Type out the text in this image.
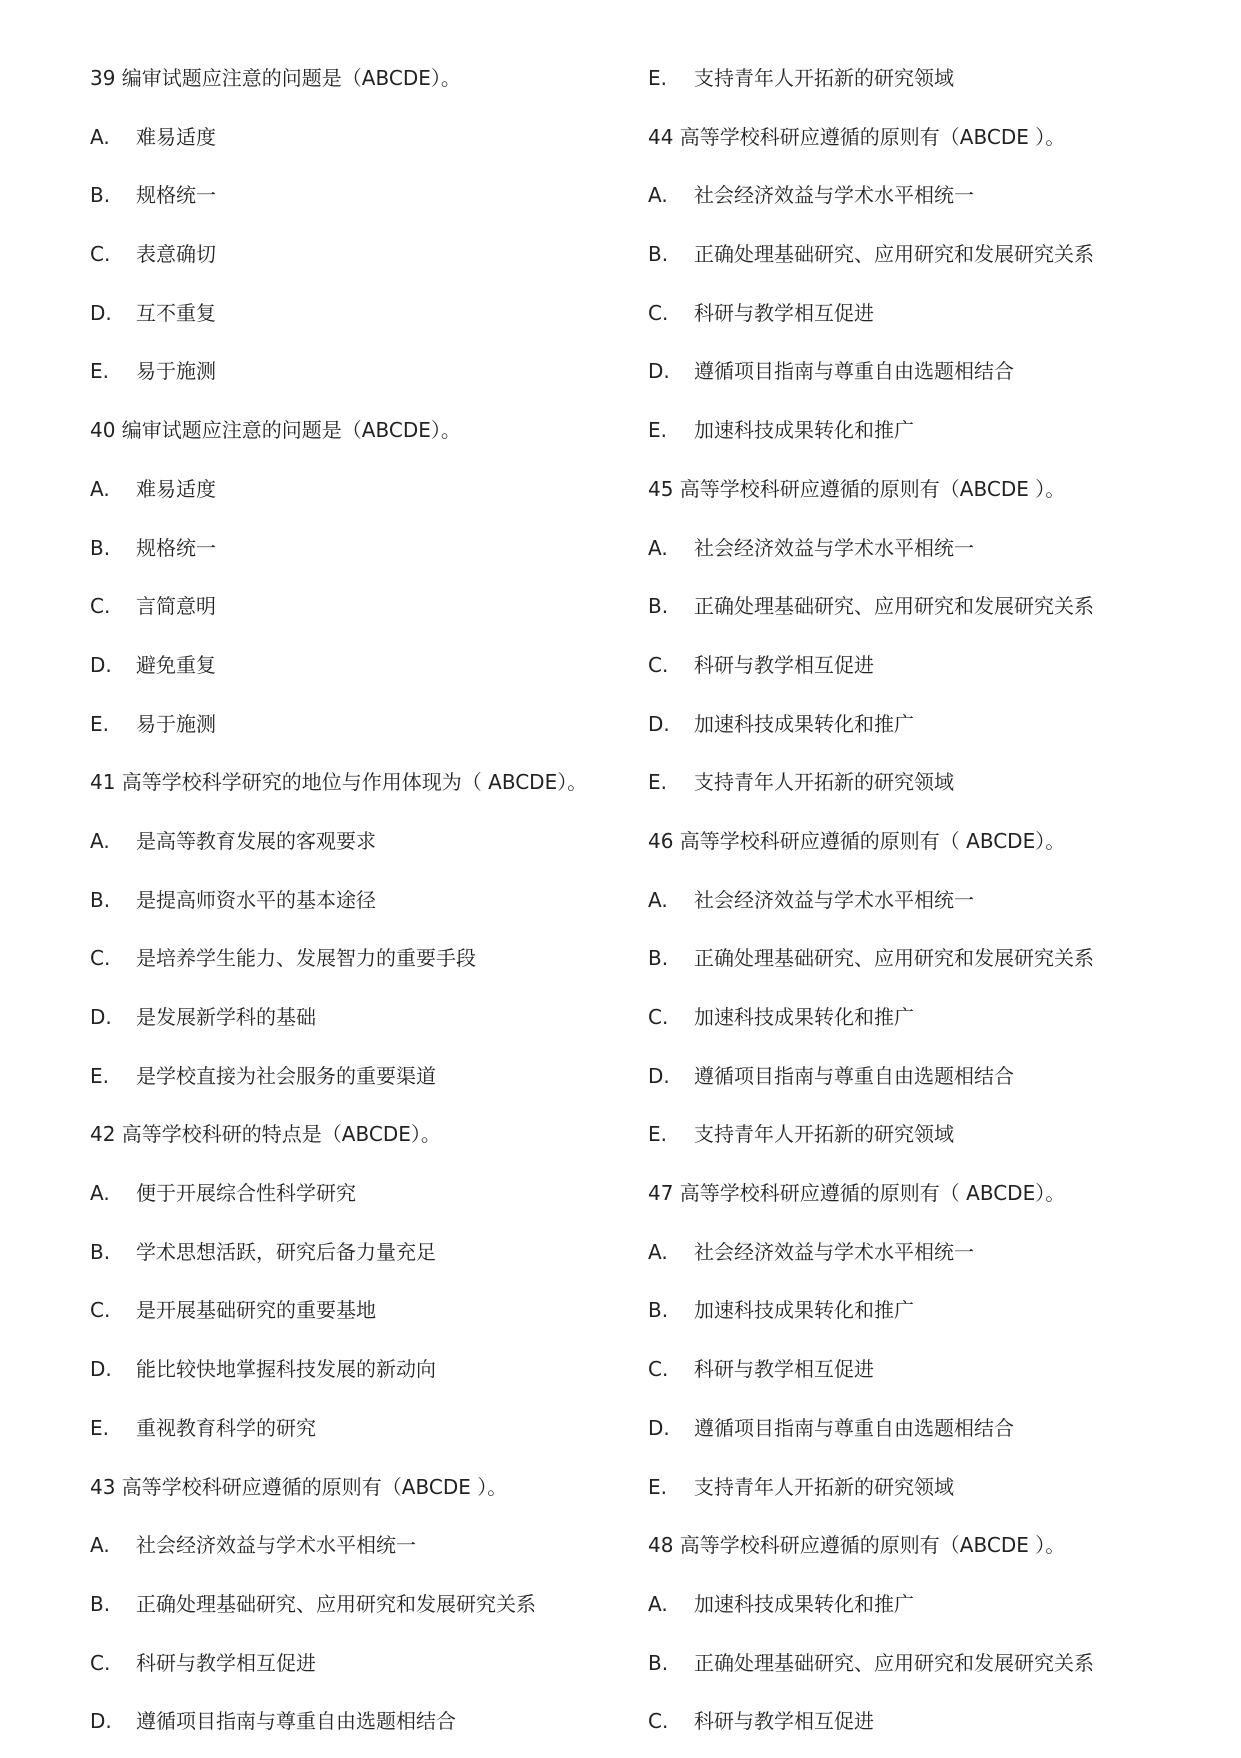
39 编审试题应注意的问题是（ABCDE）。
A. 难易适度
B. 规格统一
C. 表意确切
D. 互不重复
E. 易于施测
40 编审试题应注意的问题是（ABCDE）。
A. 难易适度
B. 规格统一
C. 言简意明
D. 避免重复
E. 易于施测
41 高等学校科学研究的地位与作用体现为（ ABCDE）。
A. 是高等教育发展的客观要求
B. 是提高师资水平的基本途径
C. 是培养学生能力、发展智力的重要手段
D. 是发展新学科的基础
E. 是学校直接为社会服务的重要渠道
42 高等学校科研的特点是（ABCDE）。
A. 便于开展综合性科学研究
B. 学术思想活跃，研究后备力量充足
C. 是开展基础研究的重要基地
D. 能比较快地掌握科技发展的新动向
E. 重视教育科学的研究
43 高等学校科研应遵循的原则有（ABCDE ）。
A. 社会经济效益与学术水平相统一
B. 正确处理基础研究、应用研究和发展研究关系
C. 科研与教学相互促进
D. 遵循项目指南与尊重自由选题相结合
E. 支持青年人开拓新的研究领域
44 高等学校科研应遵循的原则有（ABCDE ）。
A. 社会经济效益与学术水平相统一
B. 正确处理基础研究、应用研究和发展研究关系
C. 科研与教学相互促进
D. 遵循项目指南与尊重自由选题相结合
E. 加速科技成果转化和推广
45 高等学校科研应遵循的原则有（ABCDE ）。
A. 社会经济效益与学术水平相统一
B. 正确处理基础研究、应用研究和发展研究关系
C. 科研与教学相互促进
D. 加速科技成果转化和推广
E. 支持青年人开拓新的研究领域
46 高等学校科研应遵循的原则有（ ABCDE）。
A. 社会经济效益与学术水平相统一
B. 正确处理基础研究、应用研究和发展研究关系
C. 加速科技成果转化和推广
D. 遵循项目指南与尊重自由选题相结合
E. 支持青年人开拓新的研究领域
47 高等学校科研应遵循的原则有（ ABCDE）。
A. 社会经济效益与学术水平相统一
B. 加速科技成果转化和推广
C. 科研与教学相互促进
D. 遵循项目指南与尊重自由选题相结合
E. 支持青年人开拓新的研究领域
48 高等学校科研应遵循的原则有（ABCDE ）。
A. 加速科技成果转化和推广
B. 正确处理基础研究、应用研究和发展研究关系
C. 科研与教学相互促进
